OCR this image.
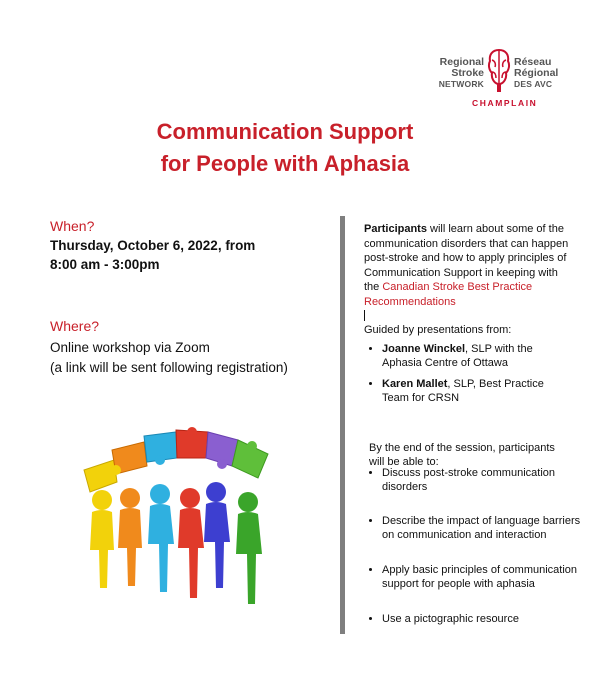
Regional
Stroke
NETWORK
Réseau
Régional
DES AVC
CHAMPLAIN
Communication Support
for People with Aphasia

When?

Thursday, October 6, 2022, from
8:00 am - 3:00pm

Where?

Online workshop via Zoom
(a link will be sent following registration)

Participants will learn about some of the communication disorders that can happen post-stroke and how to apply principles of Communication Support in keeping with the Canadian Stroke Best Practice Recommendations

Guided by presentations from:

• Joanne Winckel, SLP with the Aphasia Centre of Ottawa
• Karen Mallet, SLP, Best Practice Team for CRSN

By the end of the session, participants will be able to:

• Discuss post-stroke communication disorders
• Describe the impact of language barriers on communication and interaction
• Apply basic principles of communication support for people with aphasia
• Use a pictographic resource
